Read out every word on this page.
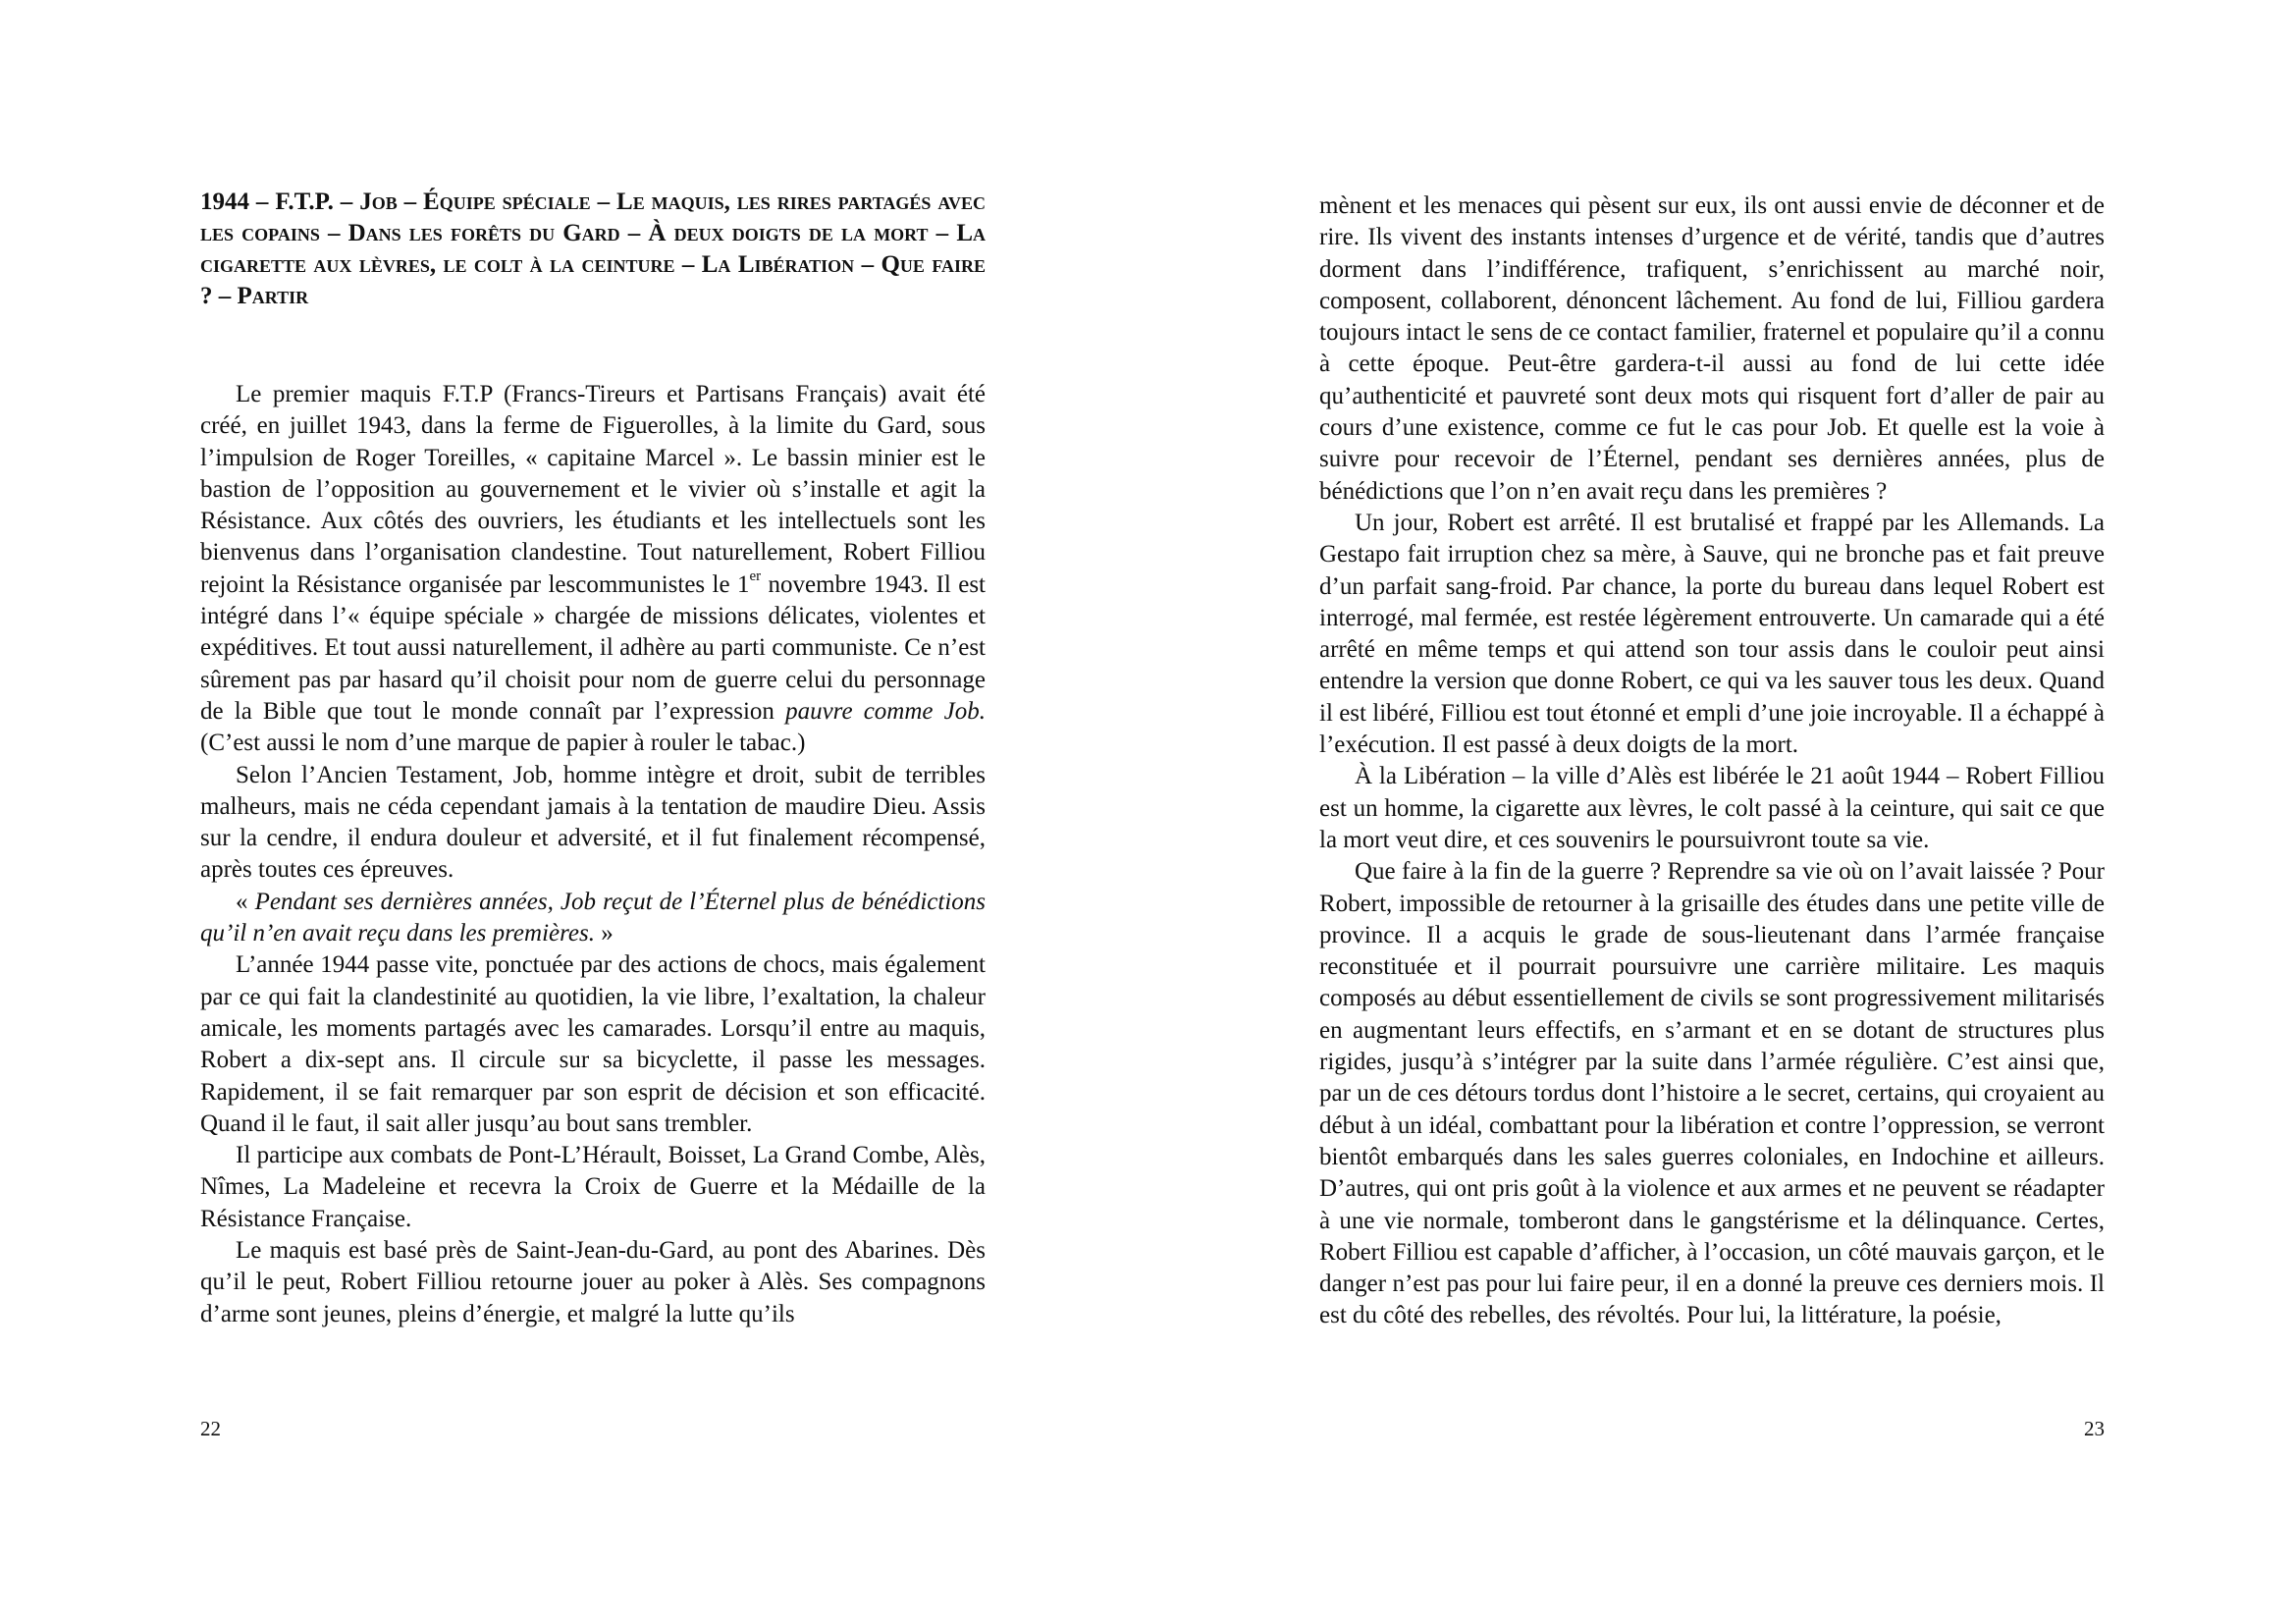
1944 – F.T.P. – Job – Équipe spéciale – Le maquis, les rires partagés avec les copains – Dans les forêts du Gard – À deux doigts de la mort – La cigarette aux lèvres, le colt à la ceinture – La Libération – Que faire ? – Partir

Le premier maquis F.T.P (Francs-Tireurs et Partisans Français) avait été créé, en juillet 1943, dans la ferme de Figuerolles, à la limite du Gard, sous l’impulsion de Roger Toreilles, « capitaine Marcel ». Le bassin minier est le bastion de l’opposition au gouvernement et le vivier où s’installe et agit la Résistance. Aux côtés des ouvriers, les étudiants et les intellectuels sont les bienvenus dans l’organisation clandestine. Tout naturellement, Robert Filliou rejoint la Résistance organisée par lescommunistes le 1er novembre 1943. Il est intégré dans l’« équipe spéciale » chargée de missions délicates, violentes et expéditives. Et tout aussi naturellement, il adhère au parti communiste. Ce n’est sûrement pas par hasard qu’il choisit pour nom de guerre celui du personnage de la Bible que tout le monde connaît par l’expression pauvre comme Job. (C’est aussi le nom d’une marque de papier à rouler le tabac.)

Selon l’Ancien Testament, Job, homme intègre et droit, subit de terribles malheurs, mais ne céda cependant jamais à la tentation de maudire Dieu. Assis sur la cendre, il endura douleur et adversité, et il fut finalement récompensé, après toutes ces épreuves.

« Pendant ses dernières années, Job reçut de l’Éternel plus de bénédictions qu’il n’en avait reçu dans les premières. »

L’année 1944 passe vite, ponctuée par des actions de chocs, mais également par ce qui fait la clandestinité au quotidien, la vie libre, l’exaltation, la chaleur amicale, les moments partagés avec les camarades. Lorsqu’il entre au maquis, Robert a dix-sept ans. Il circule sur sa bicyclette, il passe les messages. Rapidement, il se fait remarquer par son esprit de décision et son efficacité. Quand il le faut, il sait aller jusqu’au bout sans trembler.

Il participe aux combats de Pont-L’Hérault, Boisset, La Grand Combe, Alès, Nîmes, La Madeleine et recevra la Croix de Guerre et la Médaille de la Résistance Française.

Le maquis est basé près de Saint-Jean-du-Gard, au pont des Abarines. Dès qu’il le peut, Robert Filliou retourne jouer au poker à Alès. Ses compagnons d’arme sont jeunes, pleins d’énergie, et malgré la lutte qu’ils

22

mènent et les menaces qui pèsent sur eux, ils ont aussi envie de déconner et de rire. Ils vivent des instants intenses d’urgence et de vérité, tandis que d’autres dorment dans l’indifférence, trafiquent, s’enrichissent au marché noir, composent, collaborent, dénoncent lâchement. Au fond de lui, Filliou gardera toujours intact le sens de ce contact familier, fraternel et populaire qu’il a connu à cette époque. Peut-être gardera-t-il aussi au fond de lui cette idée qu’authenticité et pauvreté sont deux mots qui risquent fort d’aller de pair au cours d’une existence, comme ce fut le cas pour Job. Et quelle est la voie à suivre pour recevoir de l’Éternel, pendant ses dernières années, plus de bénédictions que l’on n’en avait reçu dans les premières ?

Un jour, Robert est arrêté. Il est brutalisé et frappé par les Allemands. La Gestapo fait irruption chez sa mère, à Sauve, qui ne bronche pas et fait preuve d’un parfait sang-froid. Par chance, la porte du bureau dans lequel Robert est interrogé, mal fermée, est restée légèrement entrouverte. Un camarade qui a été arrêté en même temps et qui attend son tour assis dans le couloir peut ainsi entendre la version que donne Robert, ce qui va les sauver tous les deux. Quand il est libéré, Filliou est tout étonné et empli d’une joie incroyable. Il a échappé à l’exécution. Il est passé à deux doigts de la mort.

À la Libération – la ville d’Alès est libérée le 21 août 1944 – Robert Filliou est un homme, la cigarette aux lèvres, le colt passé à la ceinture, qui sait ce que la mort veut dire, et ces souvenirs le poursuivront toute sa vie.

Que faire à la fin de la guerre ? Reprendre sa vie où on l’avait laissée ? Pour Robert, impossible de retourner à la grisaille des études dans une petite ville de province. Il a acquis le grade de sous-lieutenant dans l’armée française reconstituée et il pourrait poursuivre une carrière militaire. Les maquis composés au début essentiellement de civils se sont progressivement militarisés en augmentant leurs effectifs, en s’armant et en se dotant de structures plus rigides, jusqu’à s’intégrer par la suite dans l’armée régulière. C’est ainsi que, par un de ces détours tordus dont l’histoire a le secret, certains, qui croyaient au début à un idéal, combattant pour la libération et contre l’oppression, se verront bientôt embarqués dans les sales guerres coloniales, en Indochine et ailleurs. D’autres, qui ont pris goût à la violence et aux armes et ne peuvent se réadapter à une vie normale, tomberont dans le gangstérisme et la délinquance. Certes, Robert Filliou est capable d’afficher, à l’occasion, un côté mauvais garçon, et le danger n’est pas pour lui faire peur, il en a donné la preuve ces derniers mois. Il est du côté des rebelles, des révoltés. Pour lui, la littérature, la poésie,

23
